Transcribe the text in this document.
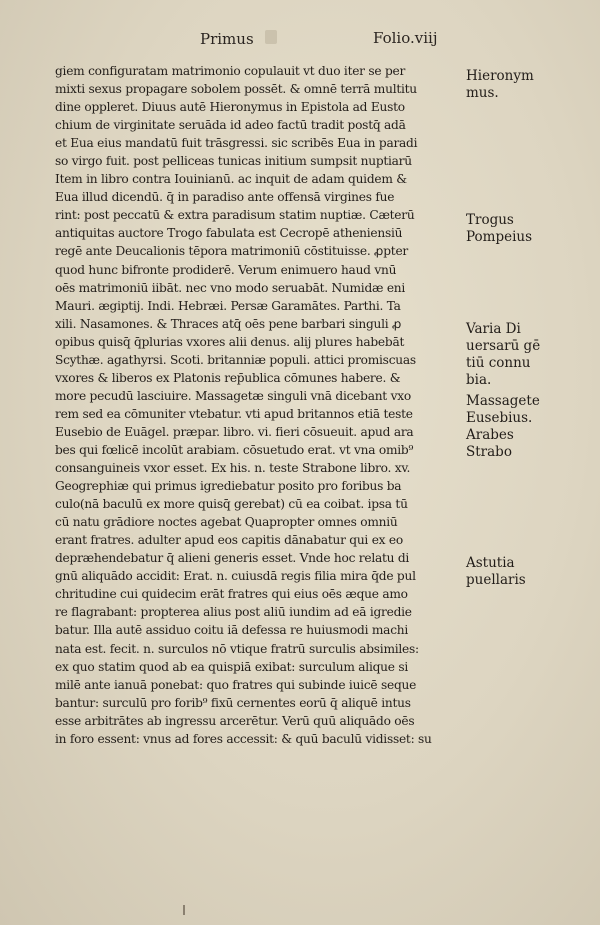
Primus	Folio.viij
giem configuratam matrimonio copulauit vt duo iter se per
mixti sexus propagare sobolem possēt. & omnē terrā multitu
dine oppleret. Diuus autē Hieronymus in Epistola ad Eusto
chium de virginitate seruāda id adeo factū tradit postq̄ adā
et Eua eius mandatū fuit trāsgressi. sic scribēs Eua in paradi
so virgo fuit. post pelliceas tunicas initium sumpsit nuptiarū
Item in libro contra Iouinianū. ac inquit de adam quidem &
Eua illud dicendū. q̄ in paradiso ante offensā virgines fue
rint: post peccatū & extra paradisum statim nuptiæ. Cæterū
antiquitas auctore Trogo fabulata est Cecropē atheniensiū
regē ante Deucalionis tēpora matrimoniū cōstituisse. ꝓpter
quod hunc bifronte prodiderē. Verum enimuero haud vnū
oēs matrimoniū iibāt. nec vno modo seruabāt. Numidæ eni
Mauri. ægiptij. Indi. Hebræi. Persæ Garamātes. Parthi. Ta
xili. Nasamones. & Thraces atq̄ oēs pene barbari singuli ꝓ
opibus quisq̄ q̄plurias vxores alii denus. alij plures habebāt
Scythæ. agathyrsi. Scoti. britanniæ populi. attici promiscuas
vxores & liberos ex Platonis rep̄ublica cōmunes habere. &
more pecudū lasciuire. Massagetæ singuli vnā dicebant vxo
rem sed ea cōmuniter vtebatur. vti apud britannos etiā teste
Eusebio de Euāgel. præpar. libro. vi. fieri cōsueuit. apud ara
bes qui fœlicē incolūt arabiam. cōsuetudo erat. vt vna omib⁹
consanguineis vxor esset. Ex his. n. teste Strabone libro. xv.
Geogrephiæ qui primus igrediebatur posito pro foribus ba
culo(nā baculū ex more quisq̄ gerebat) cū ea coibat. ipsa tū
cū natu grādiore noctes agebat Quapropter omnes omniū
erant fratres. adulter apud eos capitis dānabatur qui ex eo
depræhendebatur q̄ alieni generis esset. Vnde hoc relatu di
gnū aliquādo accidit: Erat. n. cuiusdā regis filia mira q̄de pul
chritudine cui quidecim erāt fratres qui eius oēs æque amo
re flagrabant: propterea alius post aliū iundim ad eā igredie
batur. Illa autē assiduo coitu iā defessa re huiusmodi machi
nata est. fecit. n. surculos nō vtique fratrū surculis absimiles:
ex quo statim quod ab ea quispiā exibat: surculum alique si
milē ante ianuā ponebat: quo fratres qui subinde iuicē seque
bantur: surculū pro forib⁹ fixū cernentes eorū q̄ aliquē intus
esse arbitrātes ab ingressu arcerētur. Verū quū aliquādo oēs
in foro essent: vnus ad fores accessit: & quū baculū vidisset: su
Hieronym
mus.
Trogus
Pompeius
Varia Di
uersarū gē
tiū connu
bia.
Massagete
Eusebius.
Arabes
Strabo
Astutia
puellaris
